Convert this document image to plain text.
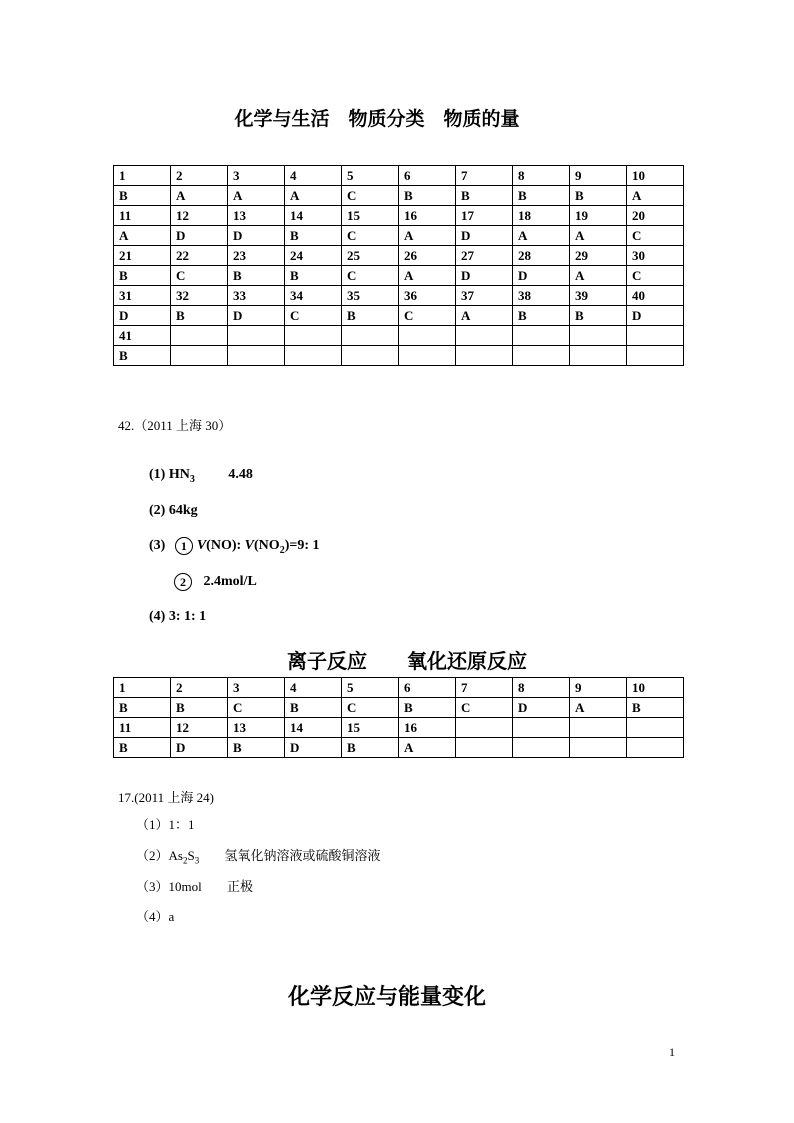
化学与生活　物质分类　物质的量
1	2	3	4	5	6	7	8	9	10
B	A	A	A	C	B	B	B	B	A
11	12	13	14	15	16	17	18	19	20
A	D	D	B	C	A	D	A	A	C
21	22	23	24	25	26	27	28	29	30
B	C	B	B	C	A	D	D	A	C
31	32	33	34	35	36	37	38	39	40
D	B	D	C	B	C	A	B	B	D
41									
B									
42.（2011 上海 30）
(1) $HN_3$ 4.48
(2) 64kg
(3) 1 V(NO): $V(NO_2)=9$: 1
2 2.4mol/L
(4) 3: 1: 1
离子反应　　氧化还原反应
1	2	3	4	5	6	7	8	9	10
B	B	C	B	C	B	C	D	A	B
11	12	13	14	15	16				
B	D	B	D	B	A				
17.(2011 上海 24)
（1）1：1
$(2)As_2S_3$ 氢氧化钠溶液或硫酸铜溶液
（3）10mol 正极
（4）a
化学反应与能量变化
1
